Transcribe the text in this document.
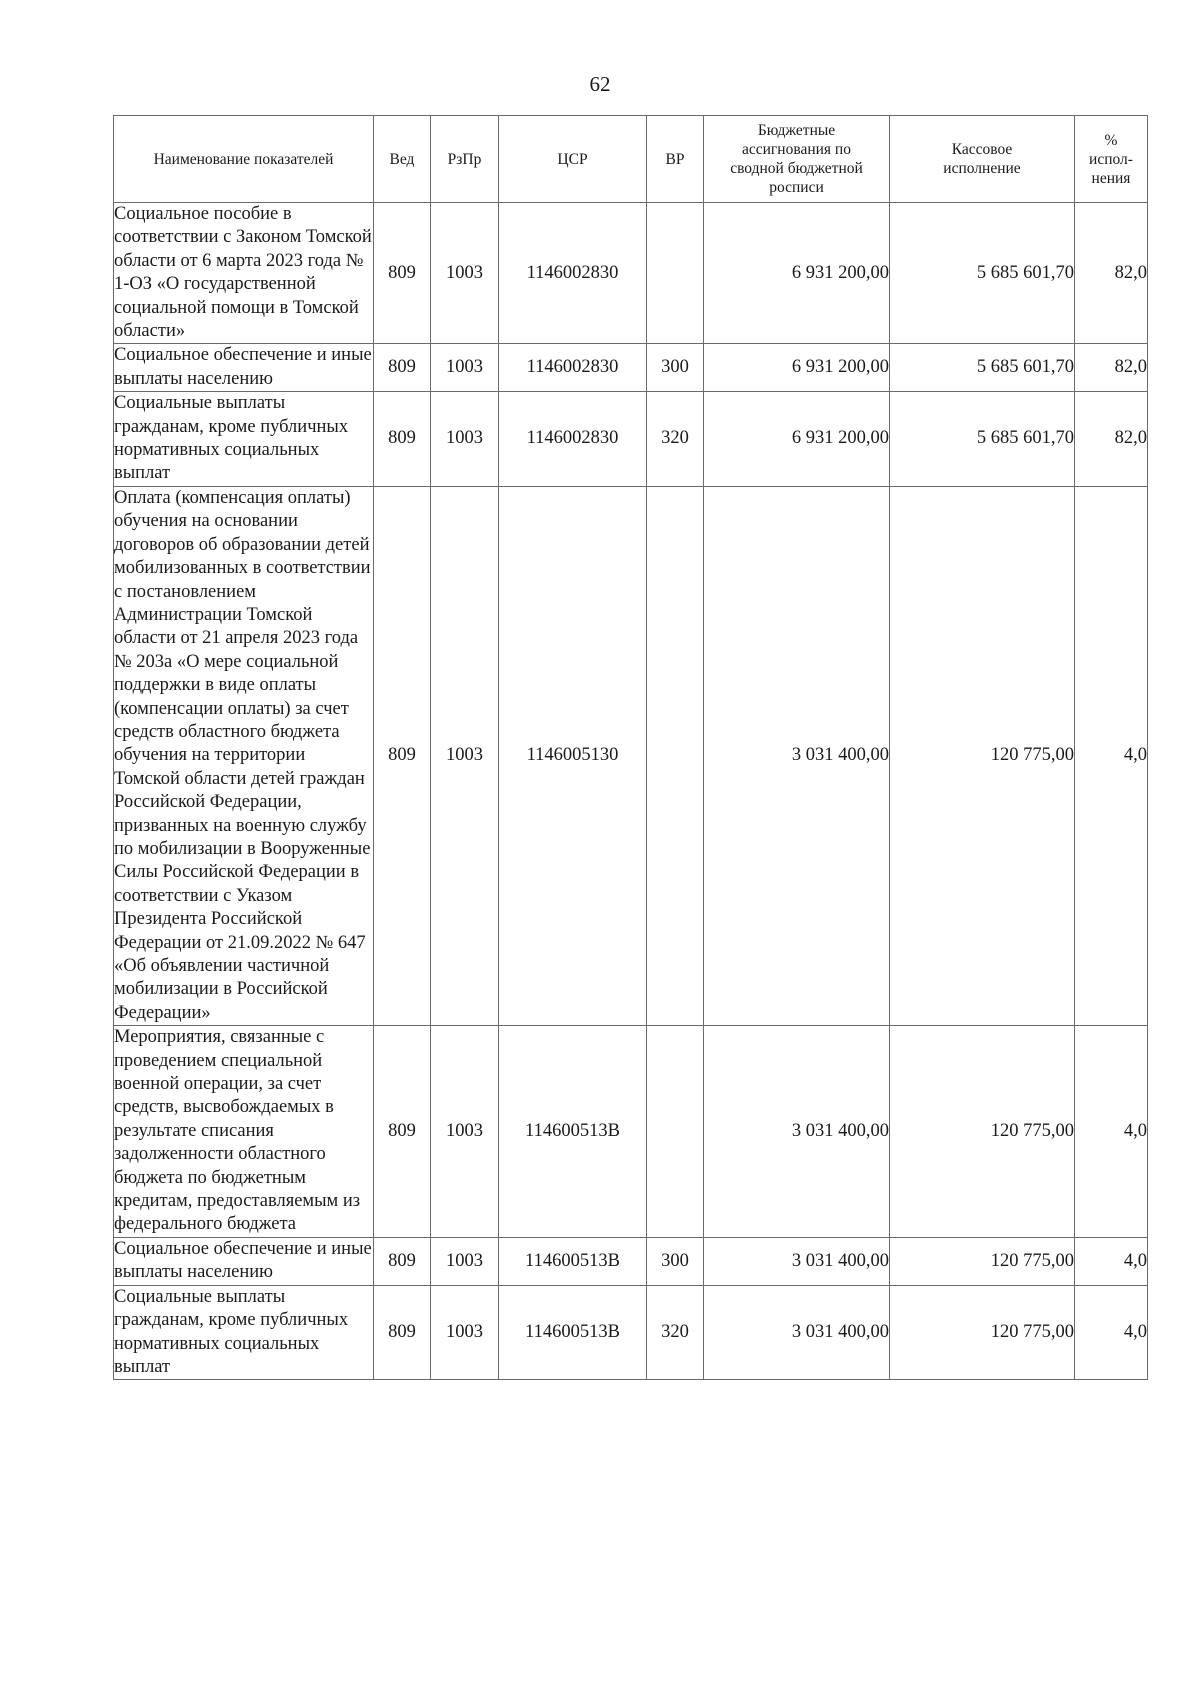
62
Наименование показателей	Вед	РзПр	ЦСР	ВР	Бюджетные ассигнования по сводной бюджетной росписи	Кассовое исполнение	% испол-нения
Социальное пособие в соответствии с Законом Томской области от 6 марта 2023 года № 1-ОЗ «О государственной социальной помощи в Томской области»	809	1003	1146002830		6 931 200,00	5 685 601,70	82,0
Социальное обеспечение и иные выплаты населению	809	1003	1146002830	300	6 931 200,00	5 685 601,70	82,0
Социальные выплаты гражданам, кроме публичных нормативных социальных выплат	809	1003	1146002830	320	6 931 200,00	5 685 601,70	82,0
Оплата (компенсация оплаты) обучения на основании договоров об образовании детей мобилизованных в соответствии с постановлением Администрации Томской области от 21 апреля 2023 года № 203а «О мере социальной поддержки в виде оплаты (компенсации оплаты) за счет средств областного бюджета обучения на территории Томской области детей граждан Российской Федерации, призванных на военную службу по мобилизации в Вооруженные Силы Российской Федерации в соответствии с Указом Президента Российской Федерации от 21.09.2022 № 647 «Об объявлении частичной мобилизации в Российской Федерации»	809	1003	1146005130		3 031 400,00	120 775,00	4,0
Мероприятия, связанные с проведением специальной военной операции, за счет средств, высвобождаемых в результате списания задолженности областного бюджета по бюджетным кредитам, предоставляемым из федерального бюджета	809	1003	114600513В		3 031 400,00	120 775,00	4,0
Социальное обеспечение и иные выплаты населению	809	1003	114600513В	300	3 031 400,00	120 775,00	4,0
Социальные выплаты гражданам, кроме публичных нормативных социальных выплат	809	1003	114600513В	320	3 031 400,00	120 775,00	4,0
